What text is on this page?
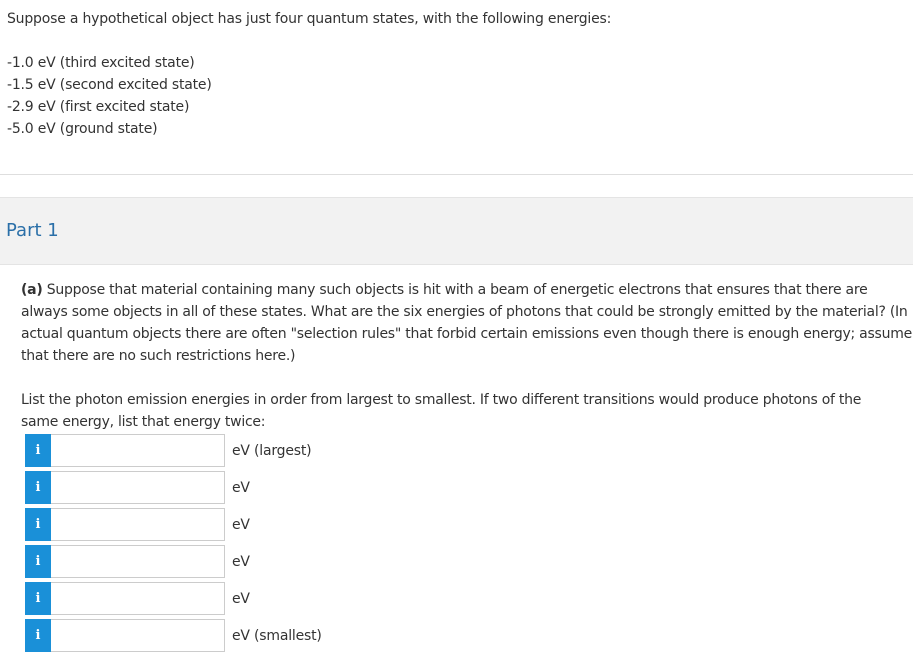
Suppose a hypothetical object has just four quantum states, with the following energies:
-1.0 eV (third excited state)
-1.5 eV (second excited state)
-2.9 eV (first excited state)
-5.0 eV (ground state)
Part 1
(a) Suppose that material containing many such objects is hit with a beam of energetic electrons that ensures that there are always some objects in all of these states. What are the six energies of photons that could be strongly emitted by the material? (In actual quantum objects there are often "selection rules" that forbid certain emissions even though there is enough energy; assume that there are no such restrictions here.)
List the photon emission energies in order from largest to smallest. If two different transitions would produce photons of the same energy, list that energy twice:
i	eV (largest)
i	eV
i	eV
i	eV
i	eV
i	eV (smallest)
